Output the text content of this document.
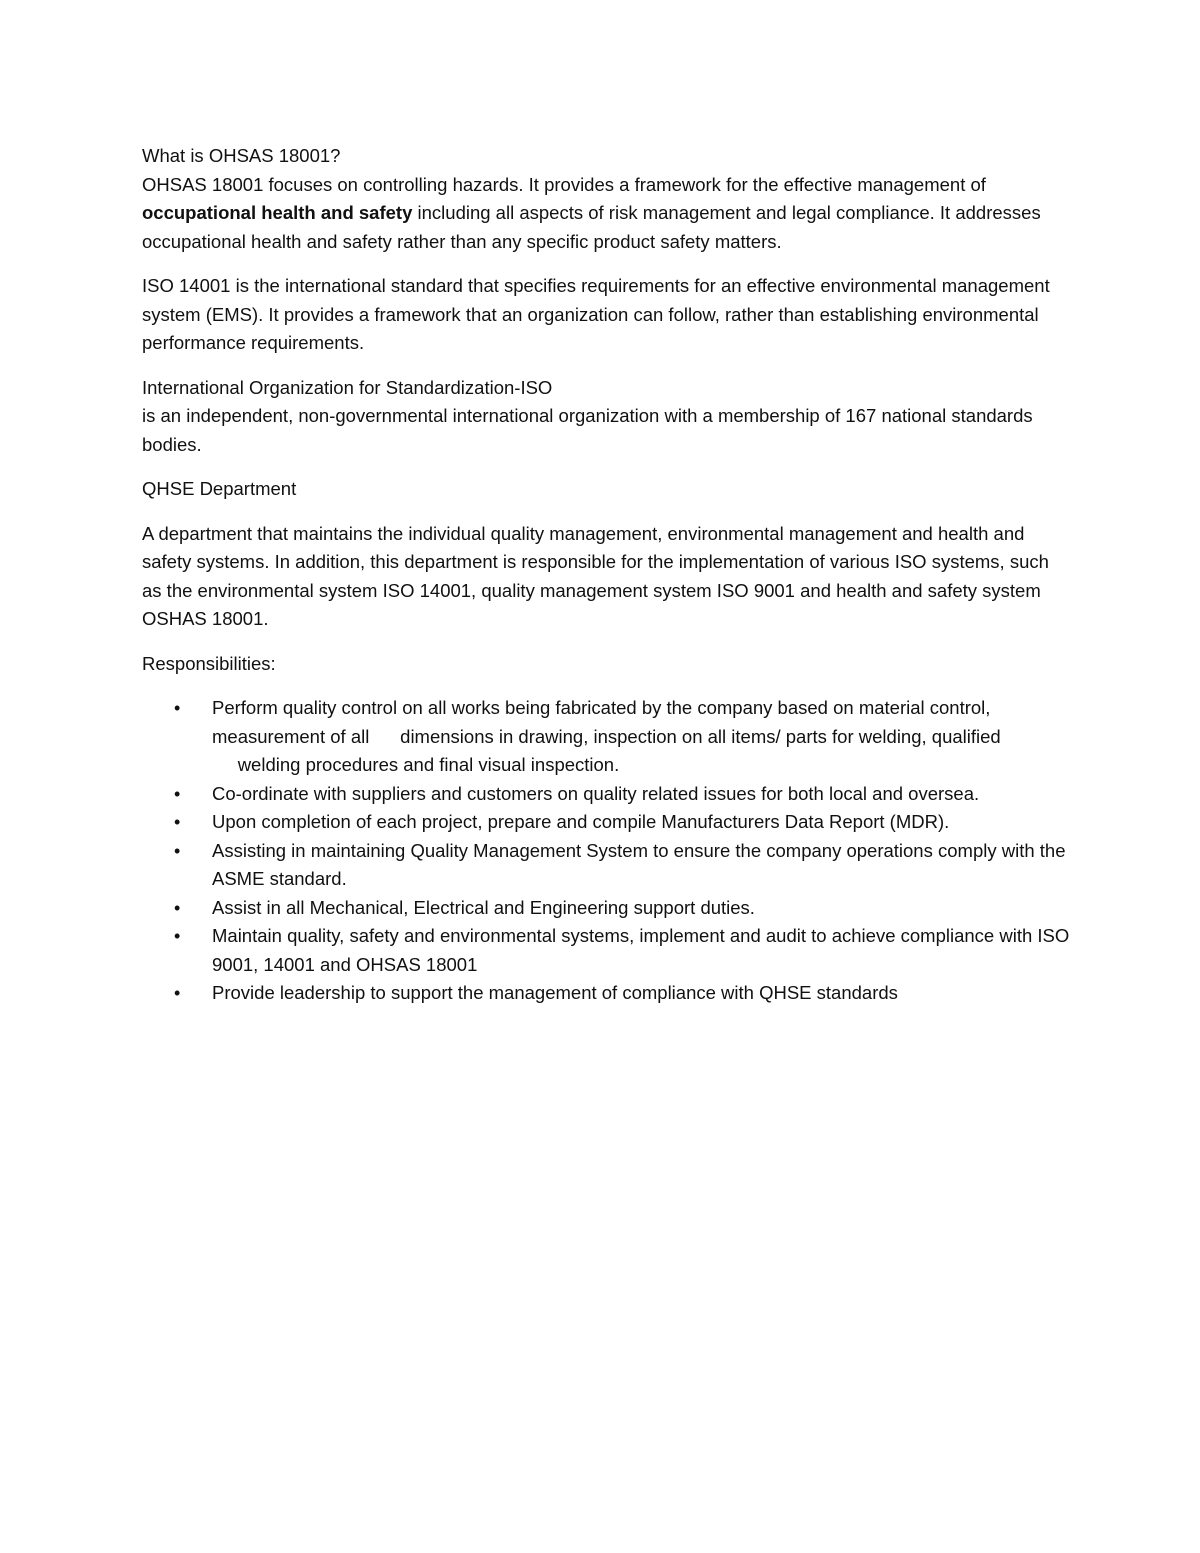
What is OHSAS 18001?

OHSAS 18001 focuses on controlling hazards. It provides a framework for the effective management of
occupational health and safety including all aspects of risk management and legal compliance. It addresses occupational health and safety rather than any specific product safety matters.

ISO 14001 is the international standard that specifies requirements for an effective environmental management system (EMS). It provides a framework that an organization can follow, rather than establishing environmental performance requirements.

International Organization for Standardization-ISO

is an independent, non-governmental international organization with a membership of 167 national standards bodies.

QHSE Department

A department that maintains the individual quality management, environmental management and health and safety systems. In addition, this department is responsible for the implementation of various ISO systems, such as the environmental system ISO 14001, quality management system ISO 9001 and health and safety system OSHAS 18001.

Responsibilities:

• Perform quality control on all works being fabricated by the company based on material control, measurement of all      dimensions in drawing, inspection on all items/ parts for welding, qualified      welding procedures and final visual inspection.
• Co-ordinate with suppliers and customers on quality related issues for both local and oversea.
• Upon completion of each project, prepare and compile Manufacturers Data Report (MDR).
• Assisting in maintaining Quality Management System to ensure the company operations comply with the ASME standard.
• Assist in all Mechanical, Electrical and Engineering support duties.
• Maintain quality, safety and environmental systems, implement and audit to achieve compliance with ISO 9001, 14001 and OHSAS 18001
• Provide leadership to support the management of compliance with QHSE standards
